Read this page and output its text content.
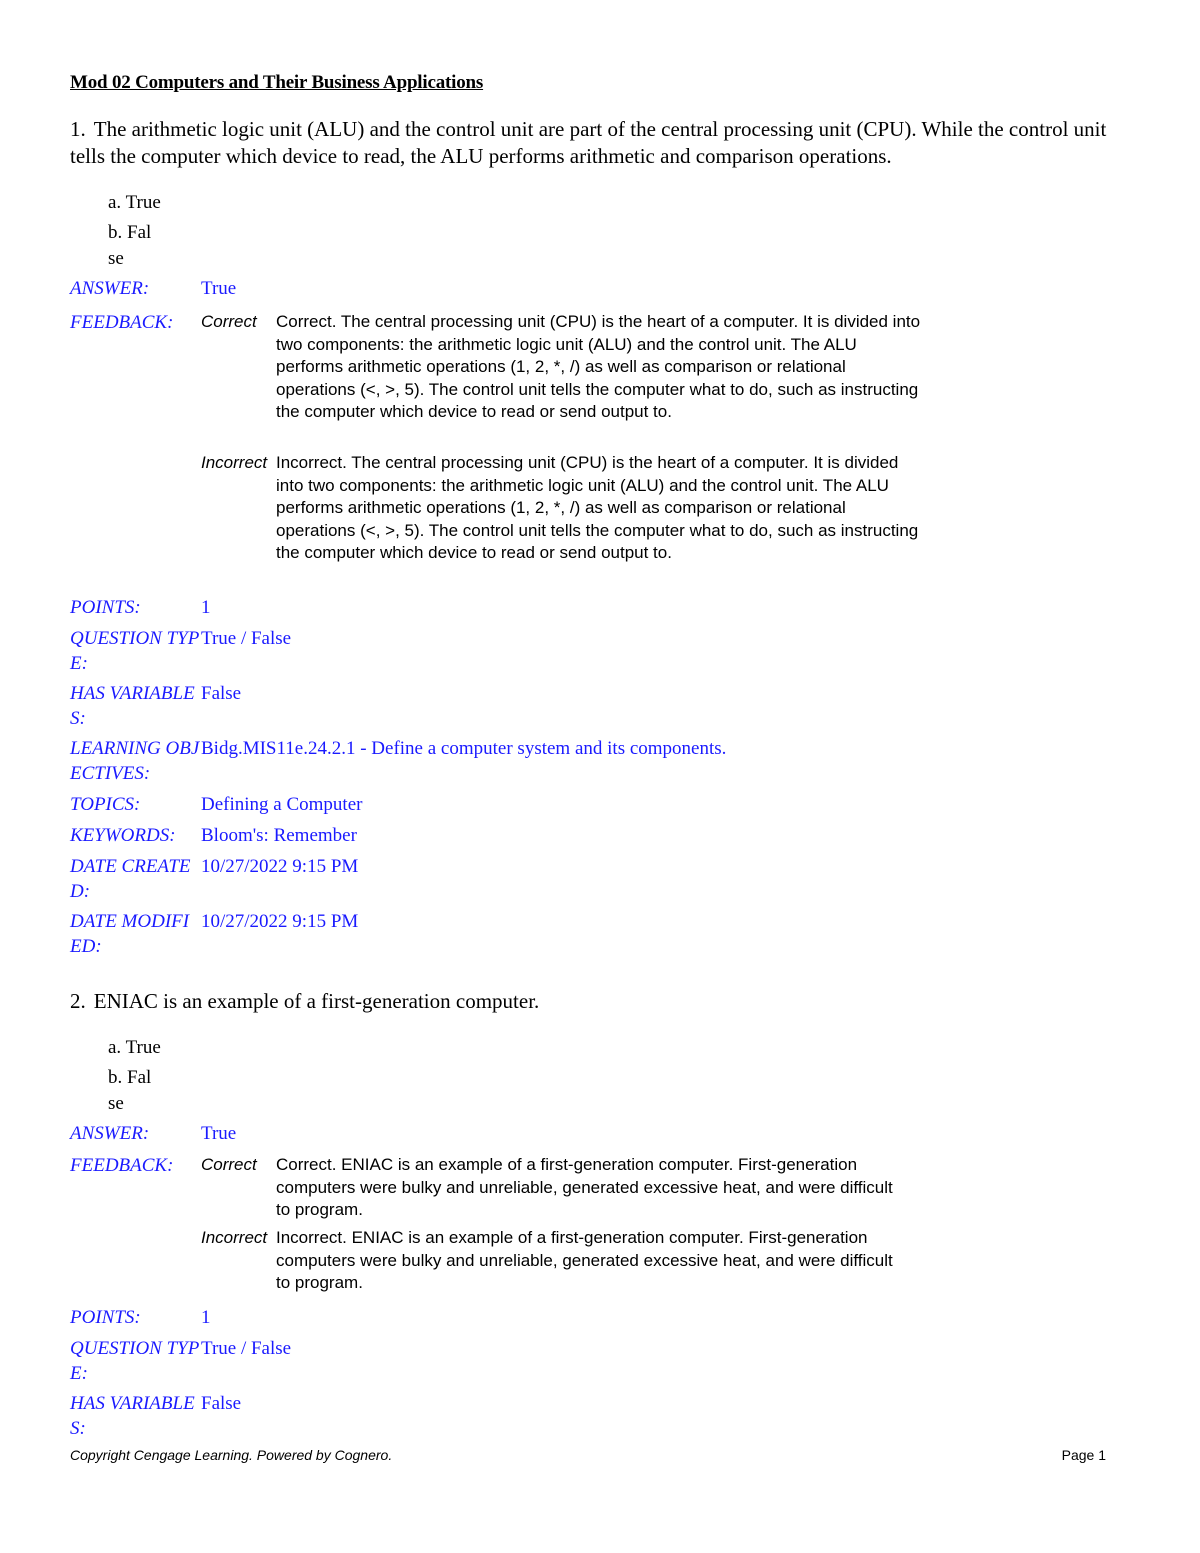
Mod 02 Computers and Their Business Applications

1. The arithmetic logic unit (ALU) and the control unit are part of the central processing unit (CPU). While the control unit tells the computer which device to read, the ALU performs arithmetic and comparison operations.

a. True
b. False
ANSWER:	True
FEEDBACK:	Correct	Correct. The central processing unit (CPU) is the heart of a computer. It is divided into two components: the arithmetic logic unit (ALU) and the control unit. The ALU performs arithmetic operations (1, 2, *, /) as well as comparison or relational operations (<, >, 5). The control unit tells the computer what to do, such as instructing the computer which device to read or send output to.
Incorrect Incorrect. The central processing unit (CPU) is the heart of a computer. It is divided into two components: the arithmetic logic unit (ALU) and the control unit. The ALU performs arithmetic operations (1, 2, *, /) as well as comparison or relational operations (<, >, 5). The control unit tells the computer what to do, such as instructing the computer which device to read or send output to.
POINTS:	1
QUESTION TYPE:
True / False
HAS VARIABLES:
False
LEARNING OBJECTIVES:
Bidg.MIS11e.24.2.1 - Define a computer system and its components.
TOPICS:	Defining a Computer
KEYWORDS:	Bloom's: Remember
DATE CREATED:
10/27/2022 9:15 PM
DATE MODIFIED:
10/27/2022 9:15 PM

2. ENIAC is an example of a first-generation computer.

a. True
b. False
ANSWER:	True
FEEDBACK:	Correct	Correct. ENIAC is an example of a first-generation computer. First-generation computers were bulky and unreliable, generated excessive heat, and were difficult to program.
Incorrect Incorrect. ENIAC is an example of a first-generation computer. First-generation computers were bulky and unreliable, generated excessive heat, and were difficult to program.
POINTS:	1
QUESTION TYPE:
True / False
HAS VARIABLES:
False
Copyright Cengage Learning. Powered by Cognero.	Page 1
